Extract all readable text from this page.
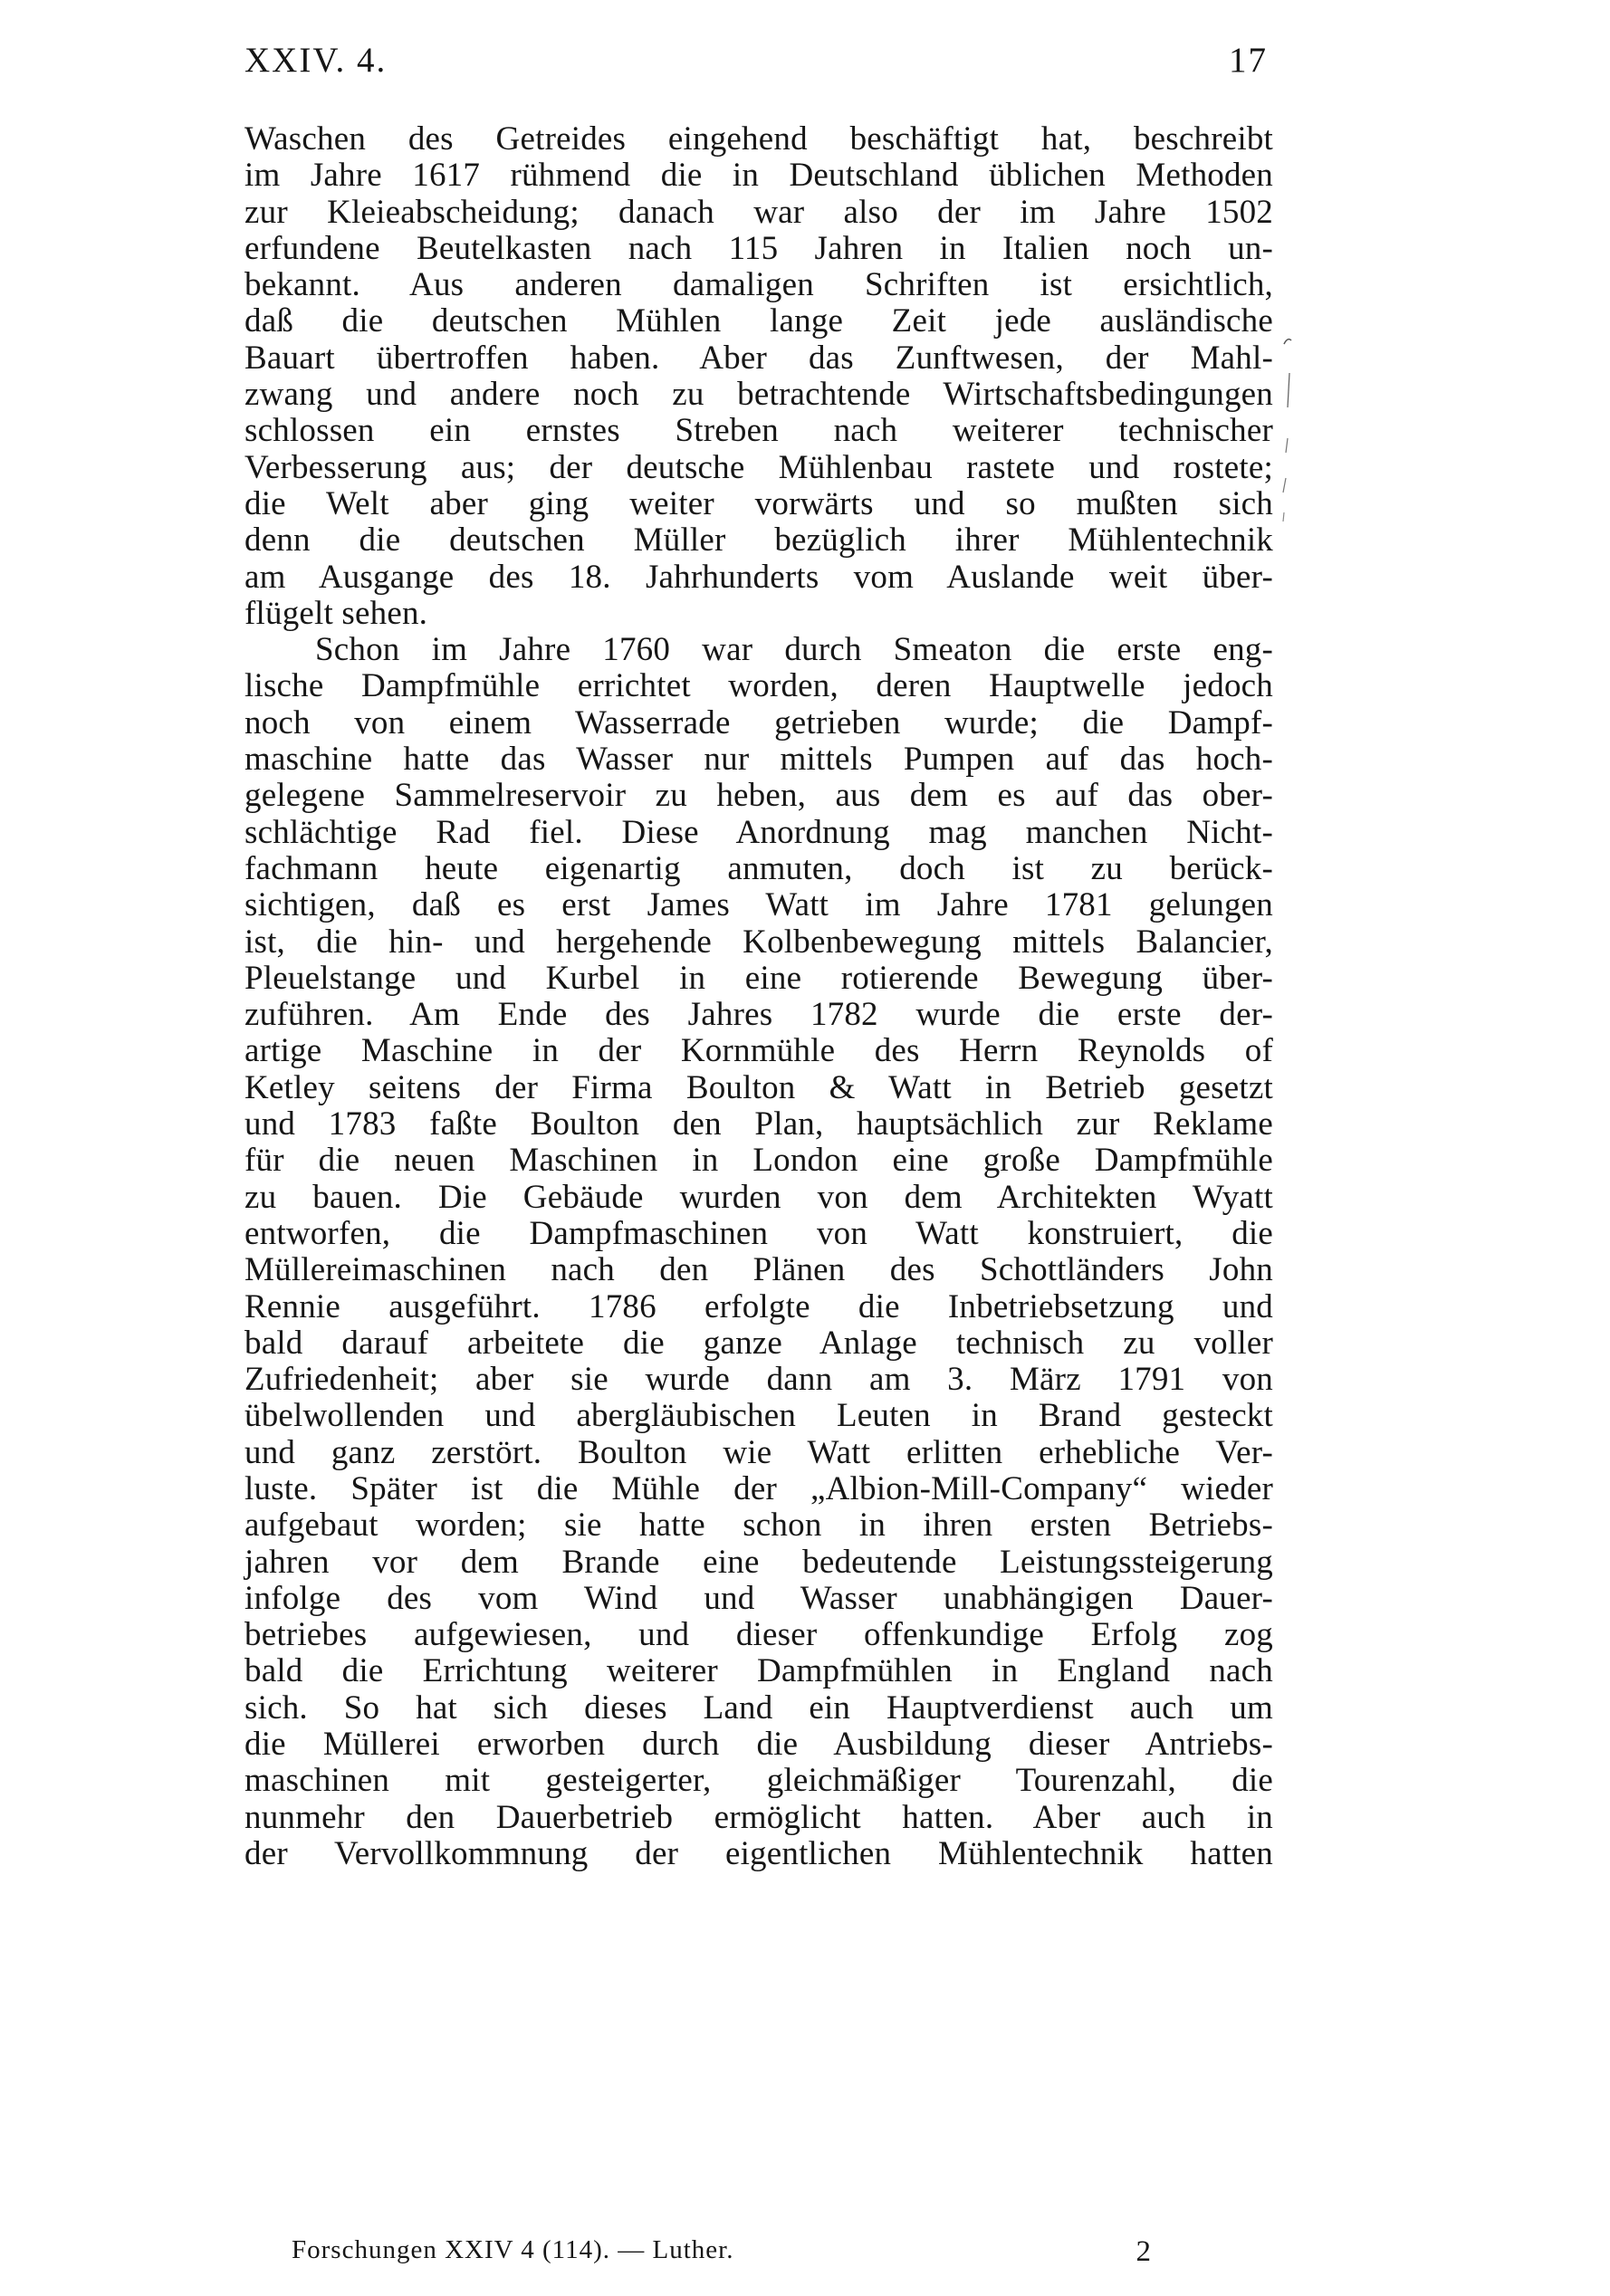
XXIV. 4.	17
Waschen des Getreides eingehend beschäftigt hat, beschreibt
im Jahre 1617 rühmend die in Deutschland üblichen Methoden
zur Kleieabscheidung; danach war also der im Jahre 1502
erfundene Beutelkasten nach 115 Jahren in Italien noch un-
bekannt. Aus anderen damaligen Schriften ist ersichtlich,
daß die deutschen Mühlen lange Zeit jede ausländische
Bauart übertroffen haben. Aber das Zunftwesen, der Mahl-
zwang und andere noch zu betrachtende Wirtschaftsbedingungen
schlossen ein ernstes Streben nach weiterer technischer
Verbesserung aus; der deutsche Mühlenbau rastete und rostete;
die Welt aber ging weiter vorwärts und so mußten sich
denn die deutschen Müller bezüglich ihrer Mühlentechnik
am Ausgange des 18. Jahrhunderts vom Auslande weit über-
flügelt sehen.
Schon im Jahre 1760 war durch Smeaton die erste eng-
lische Dampfmühle errichtet worden, deren Hauptwelle jedoch
noch von einem Wasserrade getrieben wurde; die Dampf-
maschine hatte das Wasser nur mittels Pumpen auf das hoch-
gelegene Sammelreservoir zu heben, aus dem es auf das ober-
schlächtige Rad fiel. Diese Anordnung mag manchen Nicht-
fachmann heute eigenartig anmuten, doch ist zu berück-
sichtigen, daß es erst James Watt im Jahre 1781 gelungen
ist, die hin- und hergehende Kolbenbewegung mittels Balancier,
Pleuelstange und Kurbel in eine rotierende Bewegung über-
zuführen. Am Ende des Jahres 1782 wurde die erste der-
artige Maschine in der Kornmühle des Herrn Reynolds of
Ketley seitens der Firma Boulton & Watt in Betrieb gesetzt
und 1783 faßte Boulton den Plan, hauptsächlich zur Reklame
für die neuen Maschinen in London eine große Dampfmühle
zu bauen. Die Gebäude wurden von dem Architekten Wyatt
entworfen, die Dampfmaschinen von Watt konstruiert, die
Müllereimaschinen nach den Plänen des Schottländers John
Rennie ausgeführt. 1786 erfolgte die Inbetriebsetzung und
bald darauf arbeitete die ganze Anlage technisch zu voller
Zufriedenheit; aber sie wurde dann am 3. März 1791 von
übelwollenden und abergläubischen Leuten in Brand gesteckt
und ganz zerstört. Boulton wie Watt erlitten erhebliche Ver-
luste. Später ist die Mühle der „Albion-Mill-Company“ wieder
aufgebaut worden; sie hatte schon in ihren ersten Betriebs-
jahren vor dem Brande eine bedeutende Leistungssteigerung
infolge des vom Wind und Wasser unabhängigen Dauer-
betriebes aufgewiesen, und dieser offenkundige Erfolg zog
bald die Errichtung weiterer Dampfmühlen in England nach
sich. So hat sich dieses Land ein Hauptverdienst auch um
die Müllerei erworben durch die Ausbildung dieser Antriebs-
maschinen mit gesteigerter, gleichmäßiger Tourenzahl, die
nunmehr den Dauerbetrieb ermöglicht hatten. Aber auch in
der Vervollkommnung der eigentlichen Mühlentechnik hatten
Forschungen XXIV 4 (114). — Luther.	2
